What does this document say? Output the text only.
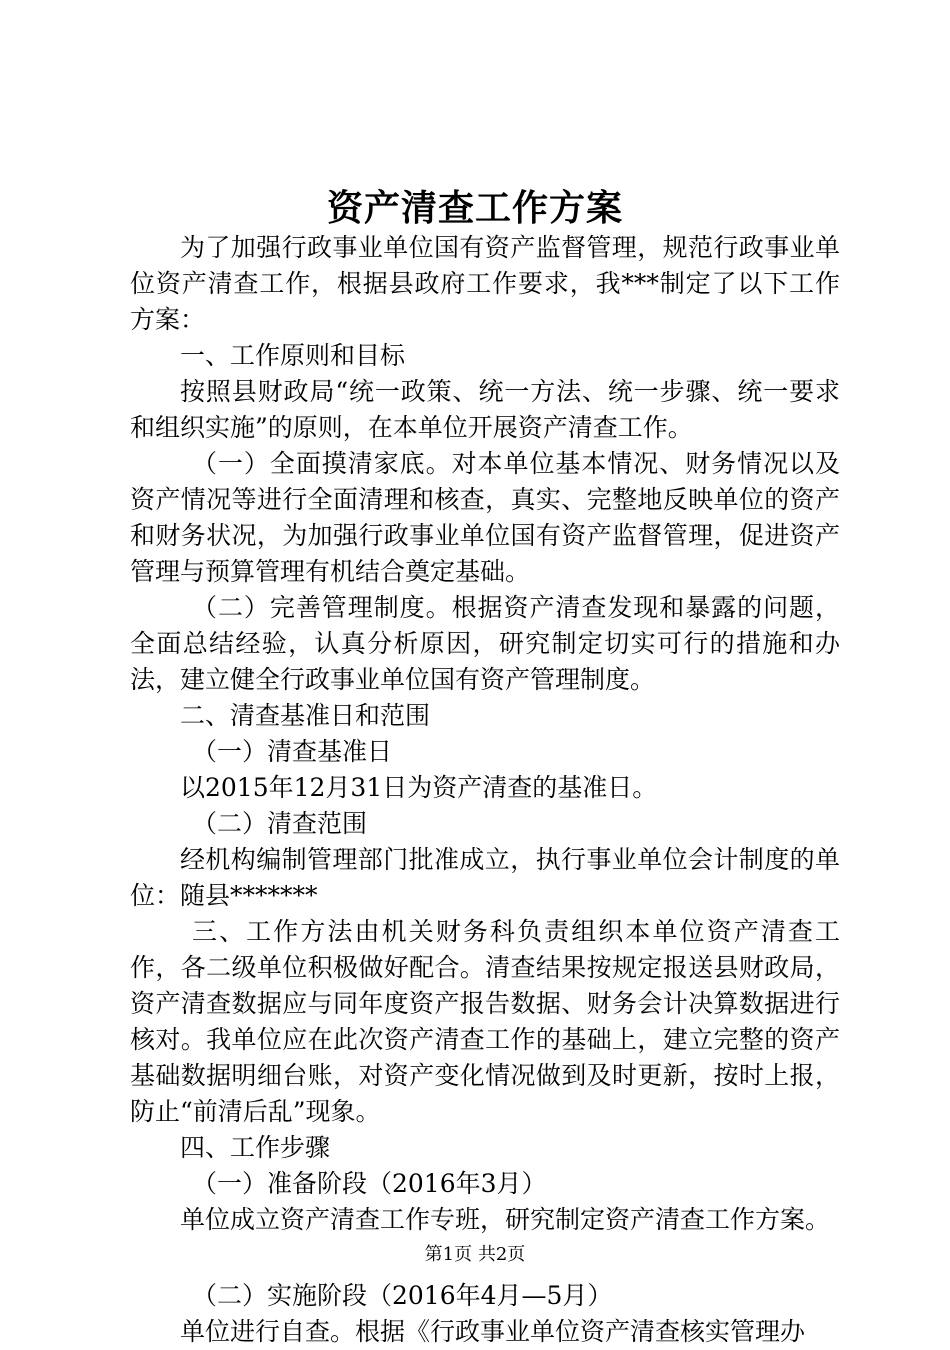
资产清查工作方案

为了加强行政事业单位国有资产监督管理，规范行政事业单位资产清查工作，根据县政府工作要求，我***制定了以下工作方案：

一、工作原则和目标

按照县财政局“统一政策、统一方法、统一步骤、统一要求和组织实施”的原则，在本单位开展资产清查工作。

（一）全面摸清家底。对本单位基本情况、财务情况以及资产情况等进行全面清理和核查，真实、完整地反映单位的资产和财务状况，为加强行政事业单位国有资产监督管理，促进资产管理与预算管理有机结合奠定基础。

（二）完善管理制度。根据资产清查发现和暴露的问题，全面总结经验，认真分析原因，研究制定切实可行的措施和办法，建立健全行政事业单位国有资产管理制度。

二、清查基准日和范围

（一）清查基准日

以2015年12月31日为资产清查的基准日。

（二）清查范围

经机构编制管理部门批准成立，执行事业单位会计制度的单位：随县*******

三、工作方法由机关财务科负责组织本单位资产清查工作，各二级单位积极做好配合。清查结果按规定报送县财政局，资产清查数据应与同年度资产报告数据、财务会计决算数据进行核对。我单位应在此次资产清查工作的基础上，建立完整的资产基础数据明细台账，对资产变化情况做到及时更新，按时上报，防止“前清后乱”现象。

四、工作步骤

（一）准备阶段（2016年3月）

单位成立资产清查工作专班，研究制定资产清查工作方案。

（二）实施阶段（2016年4月—5月）

单位进行自查。根据《行政事业单位资产清查核实管理办

第1页 共2页
